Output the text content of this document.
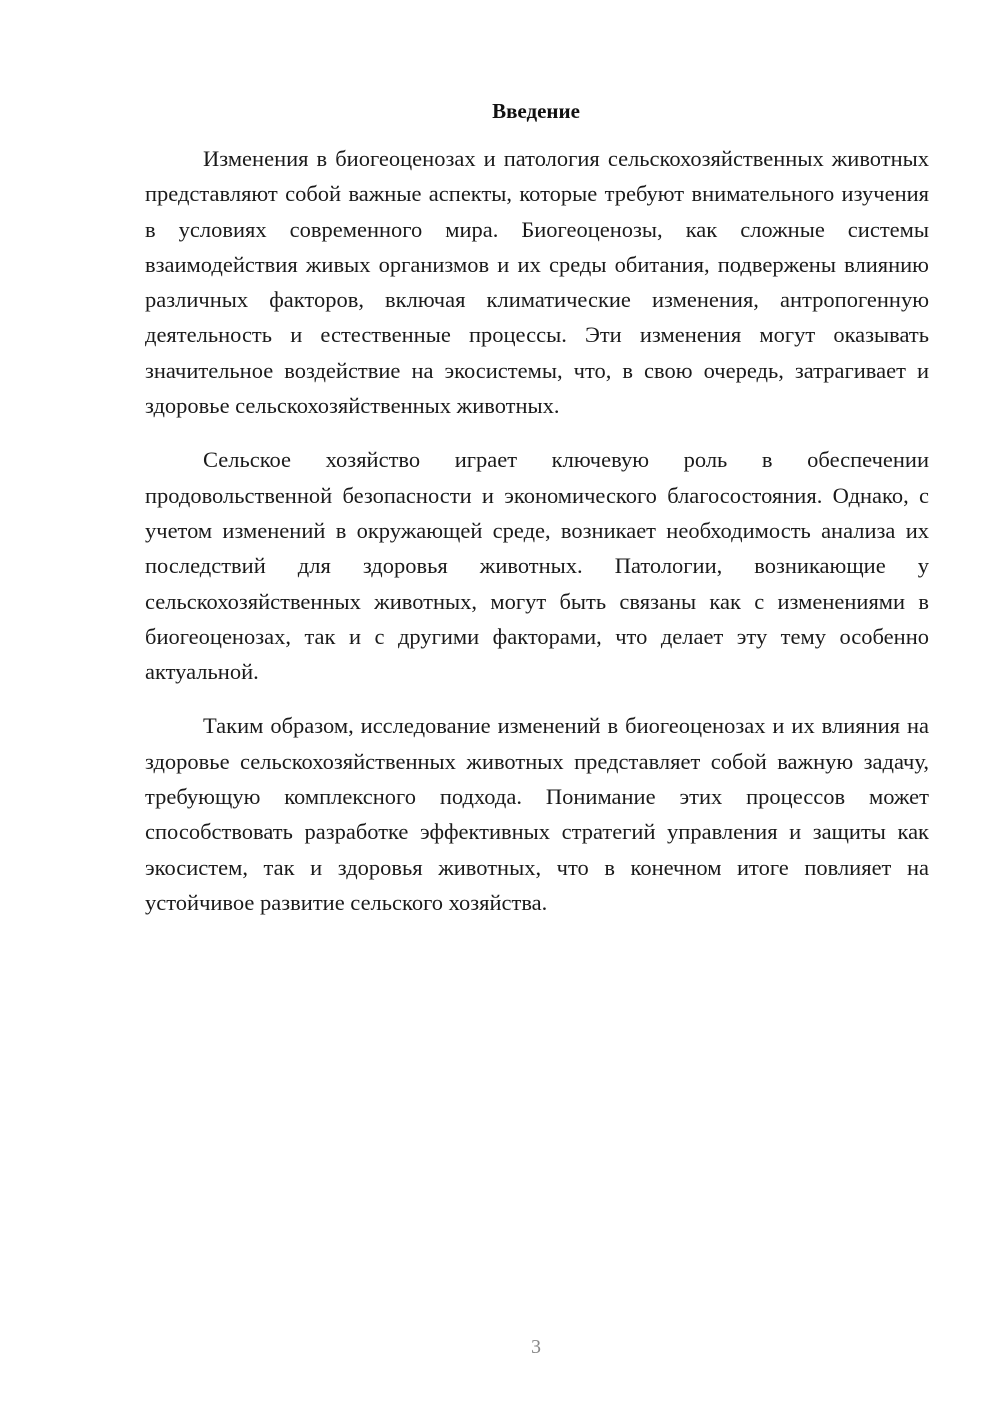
Введение

Изменения в биогеоценозах и патология сельскохозяйственных животных представляют собой важные аспекты, которые требуют внимательного изучения в условиях современного мира. Биогеоценозы, как сложные системы взаимодействия живых организмов и их среды обитания, подвержены влиянию различных факторов, включая климатические изменения, антропогенную деятельность и естественные процессы. Эти изменения могут оказывать значительное воздействие на экосистемы, что, в свою очередь, затрагивает и здоровье сельскохозяйственных животных.

Сельское хозяйство играет ключевую роль в обеспечении продовольственной безопасности и экономического благосостояния. Однако, с учетом изменений в окружающей среде, возникает необходимость анализа их последствий для здоровья животных. Патологии, возникающие у сельскохозяйственных животных, могут быть связаны как с изменениями в биогеоценозах, так и с другими факторами, что делает эту тему особенно актуальной.

Таким образом, исследование изменений в биогеоценозах и их влияния на здоровье сельскохозяйственных животных представляет собой важную задачу, требующую комплексного подхода. Понимание этих процессов может способствовать разработке эффективных стратегий управления и защиты как экосистем, так и здоровья животных, что в конечном итоге повлияет на устойчивое развитие сельского хозяйства.

3
